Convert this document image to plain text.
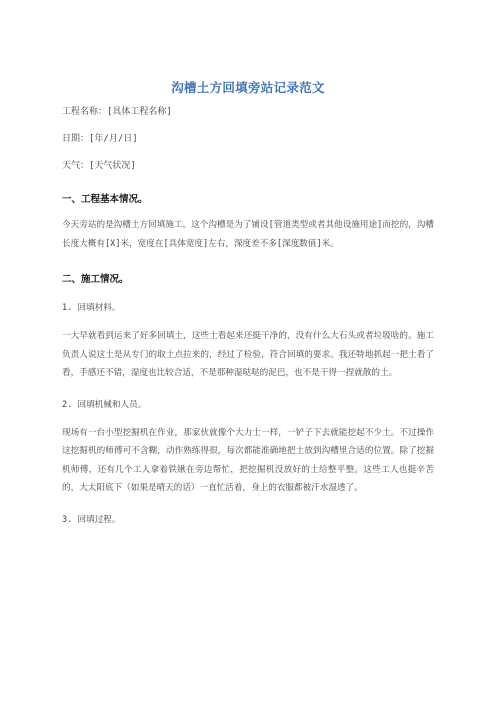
沟槽土方回填旁站记录范文

工程名称：[具体工程名称]

日期：[年/月/日]

天气：[天气状况]

一、工程基本情况。

今天旁站的是沟槽土方回填施工。这个沟槽是为了铺设[管道类型或者其他设施用途]而挖的，沟槽长度大概有[X]米，宽度在[具体宽度]左右，深度差不多[深度数值]米。

二、施工情况。

1. 回填材料。

一大早就看到运来了好多回填土，这些土看起来还挺干净的，没有什么大石头或者垃圾啥的。施工负责人说这土是从专门的取土点拉来的，经过了检验，符合回填的要求。我还特地抓起一把土看了看，手感还不错，湿度也比较合适，不是那种湿哒哒的泥巴，也不是干得一捏就散的土。

2. 回填机械和人员。

现场有一台小型挖掘机在作业，那家伙就像个大力士一样，一铲子下去就能挖起不少土。不过操作这挖掘机的师傅可不含糊，动作熟练得很，每次都能准确地把土放到沟槽里合适的位置。除了挖掘机师傅，还有几个工人拿着铁锹在旁边帮忙，把挖掘机没放好的土给整平整。这些工人也挺辛苦的，大太阳底下（如果是晴天的话）一直忙活着，身上的衣服都被汗水湿透了。

3. 回填过程。
